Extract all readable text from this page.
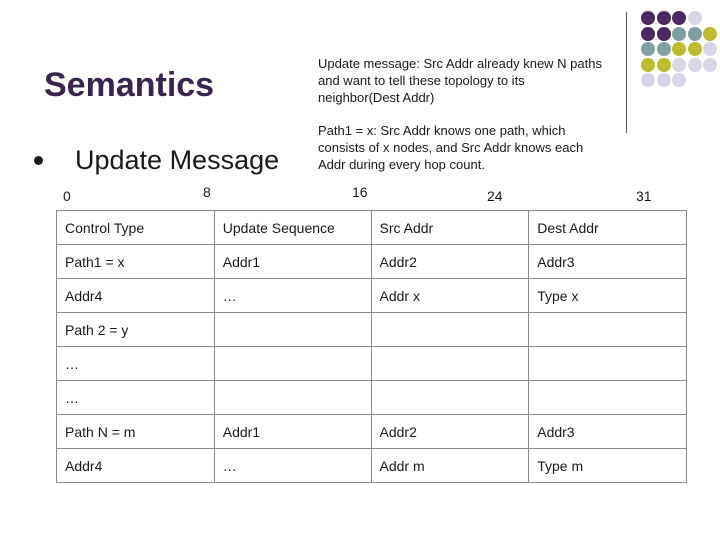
Semantics
Update message: Src Addr already knew N paths and want to tell these topology to its neighbor(Dest Addr)
Path1 = x: Src Addr knows one path, which consists of x nodes, and Src Addr knows each Addr during every hop count.
Update Message
0	8	16	24	31
Control Type	Update Sequence	Src Addr	Dest Addr
Path1 = x	Addr1	Addr2	Addr3
Addr4	…	Addr x	Type x
Path 2 = y			
…			
…			
Path N = m	Addr1	Addr2	Addr3
Addr4	…	Addr m	Type m
